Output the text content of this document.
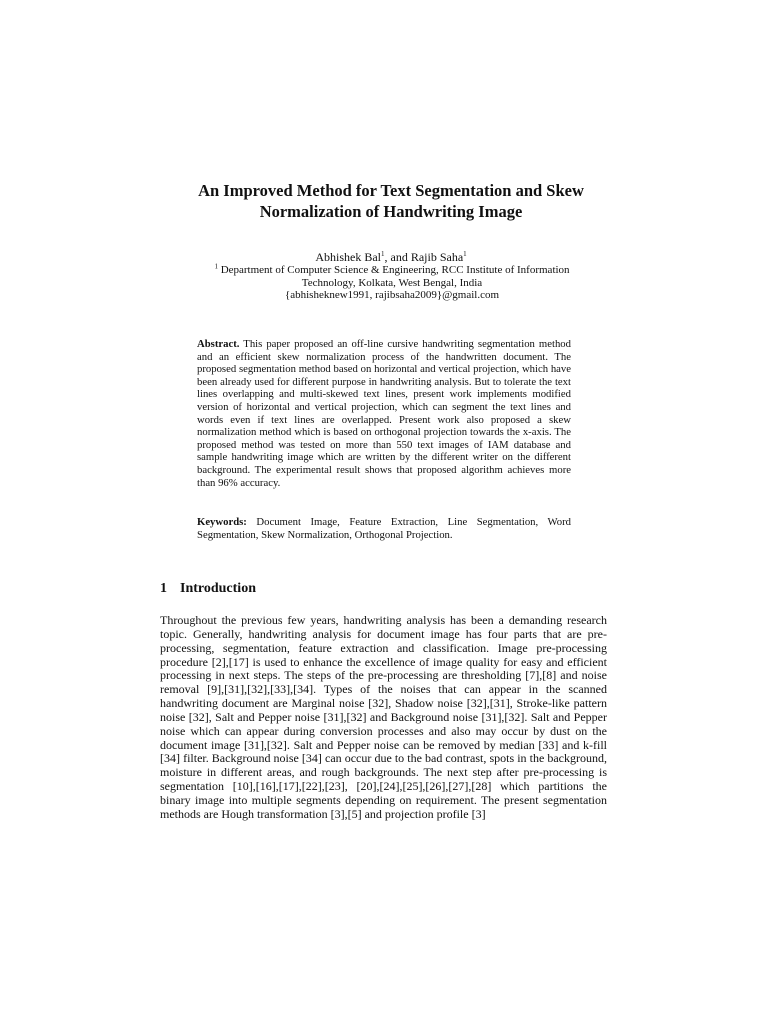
An Improved Method for Text Segmentation and Skew
Normalization of Handwriting Image
Abhishek Bal$^1$, and Rajib Saha$^1$
$^1$ Department of Computer Science & Engineering, RCC Institute of Information Technology, Kolkata, West Bengal, India
{abhisheknew1991, rajibsaha2009}@gmail.com

Abstract. This paper proposed an off-line cursive handwriting segmentation method and an efficient skew normalization process of the handwritten document. The proposed segmentation method based on horizontal and vertical projection, which have been already used for different purpose in handwriting analysis. But to tolerate the text lines overlapping and multi-skewed text lines, present work implements modified version of horizontal and vertical projection, which can segment the text lines and words even if text lines are overlapped. Present work also proposed a skew normalization method which is based on orthogonal projection towards the x-axis. The proposed method was tested on more than 550 text images of IAM database and sample handwriting image which are written by the different writer on the different background. The experimental result shows that proposed algorithm achieves more than 96% accuracy.

Keywords: Document Image, Feature Extraction, Line Segmentation, Word Segmentation, Skew Normalization, Orthogonal Projection.

1 Introduction

Throughout the previous few years, handwriting analysis has been a demanding research topic. Generally, handwriting analysis for document image has four parts that are pre-processing, segmentation, feature extraction and classification. Image pre-processing procedure [2],[17] is used to enhance the excellence of image quality for easy and efficient processing in next steps. The steps of the pre-processing are thresholding [7],[8] and noise removal [9],[31],[32],[33],[34]. Types of the noises that can appear in the scanned handwriting document are Marginal noise [32], Shadow noise [32],[31], Stroke-like pattern noise [32], Salt and Pepper noise [31],[32] and Background noise [31],[32]. Salt and Pepper noise which can appear during conversion processes and also may occur by dust on the document image [31],[32]. Salt and Pepper noise can be removed by median [33] and k-fill [34] filter. Background noise [34] can occur due to the bad contrast, spots in the background, moisture in different areas, and rough backgrounds. The next step after pre-processing is segmentation [10],[16],[17],[22],[23], [20],[24],[25],[26],[27],[28] which partitions the binary image into multiple segments depending on requirement. The present segmentation methods are Hough transformation [3],[5] and projection profile [3]
